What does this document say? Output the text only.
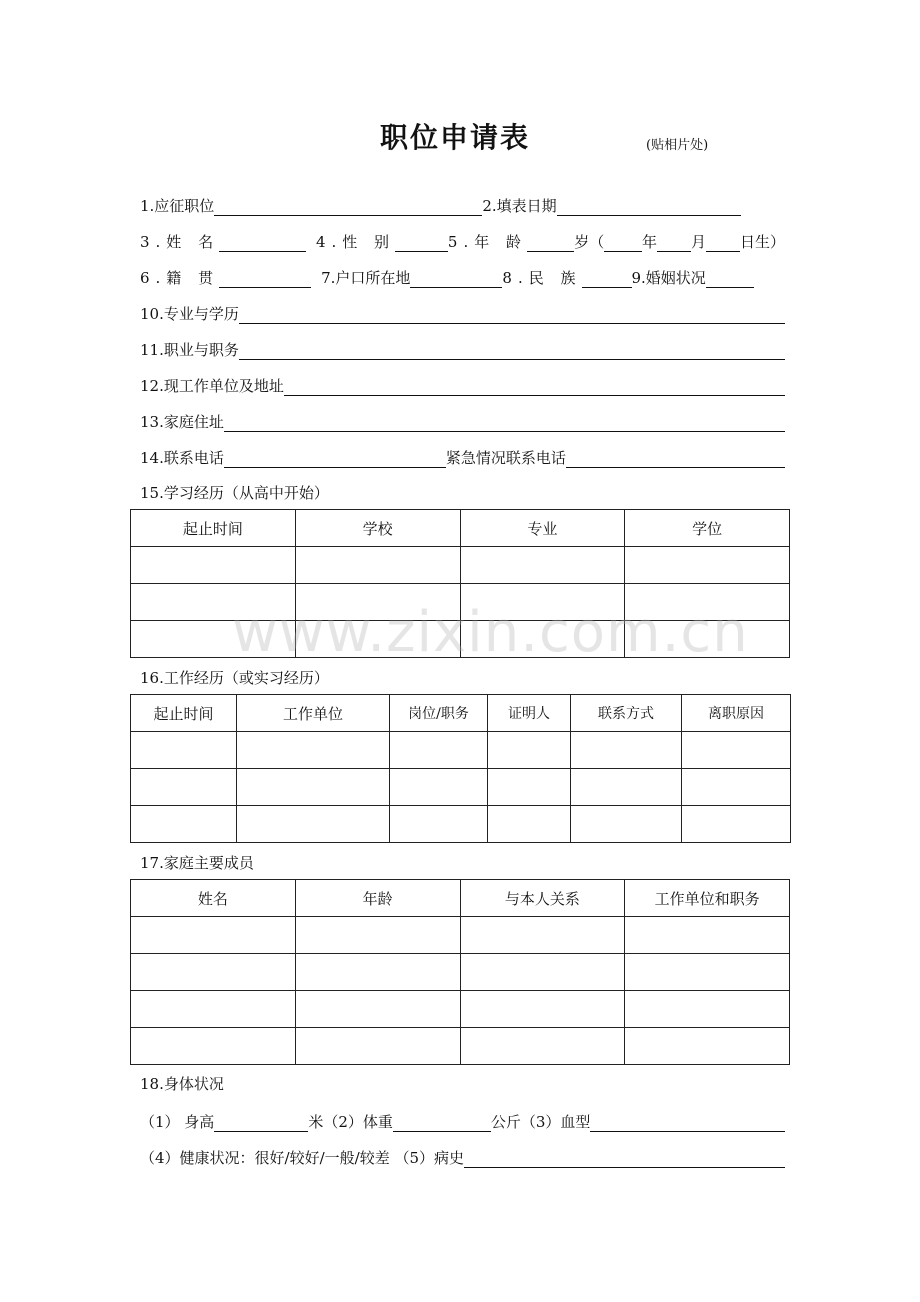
职位申请表	(贴相片处)
1.应征职位	2.填表日期
3.姓 名	4.性 别	5.年 龄	岁（	年 月 日生）
6.籍 贯	7.户口所在地	8.民 族	9.婚姻状况
10.专业与学历
11.职业与职务
12.现工作单位及地址
13.家庭住址
14.联系电话	紧急情况联系电话
15.学习经历（从高中开始）
起止时间	学校	专业	学位

16.工作经历（或实习经历）
起止时间	工作单位	岗位/职务	证明人	联系方式	离职原因

17.家庭主要成员
姓名	年龄	与本人关系	工作单位和职务

18.身体状况
（1） 身高	米（2）体重	公斤（3）血型
（4）健康状况：很好/较好/一般/较差 （5）病史
www.zixin.com.cn
